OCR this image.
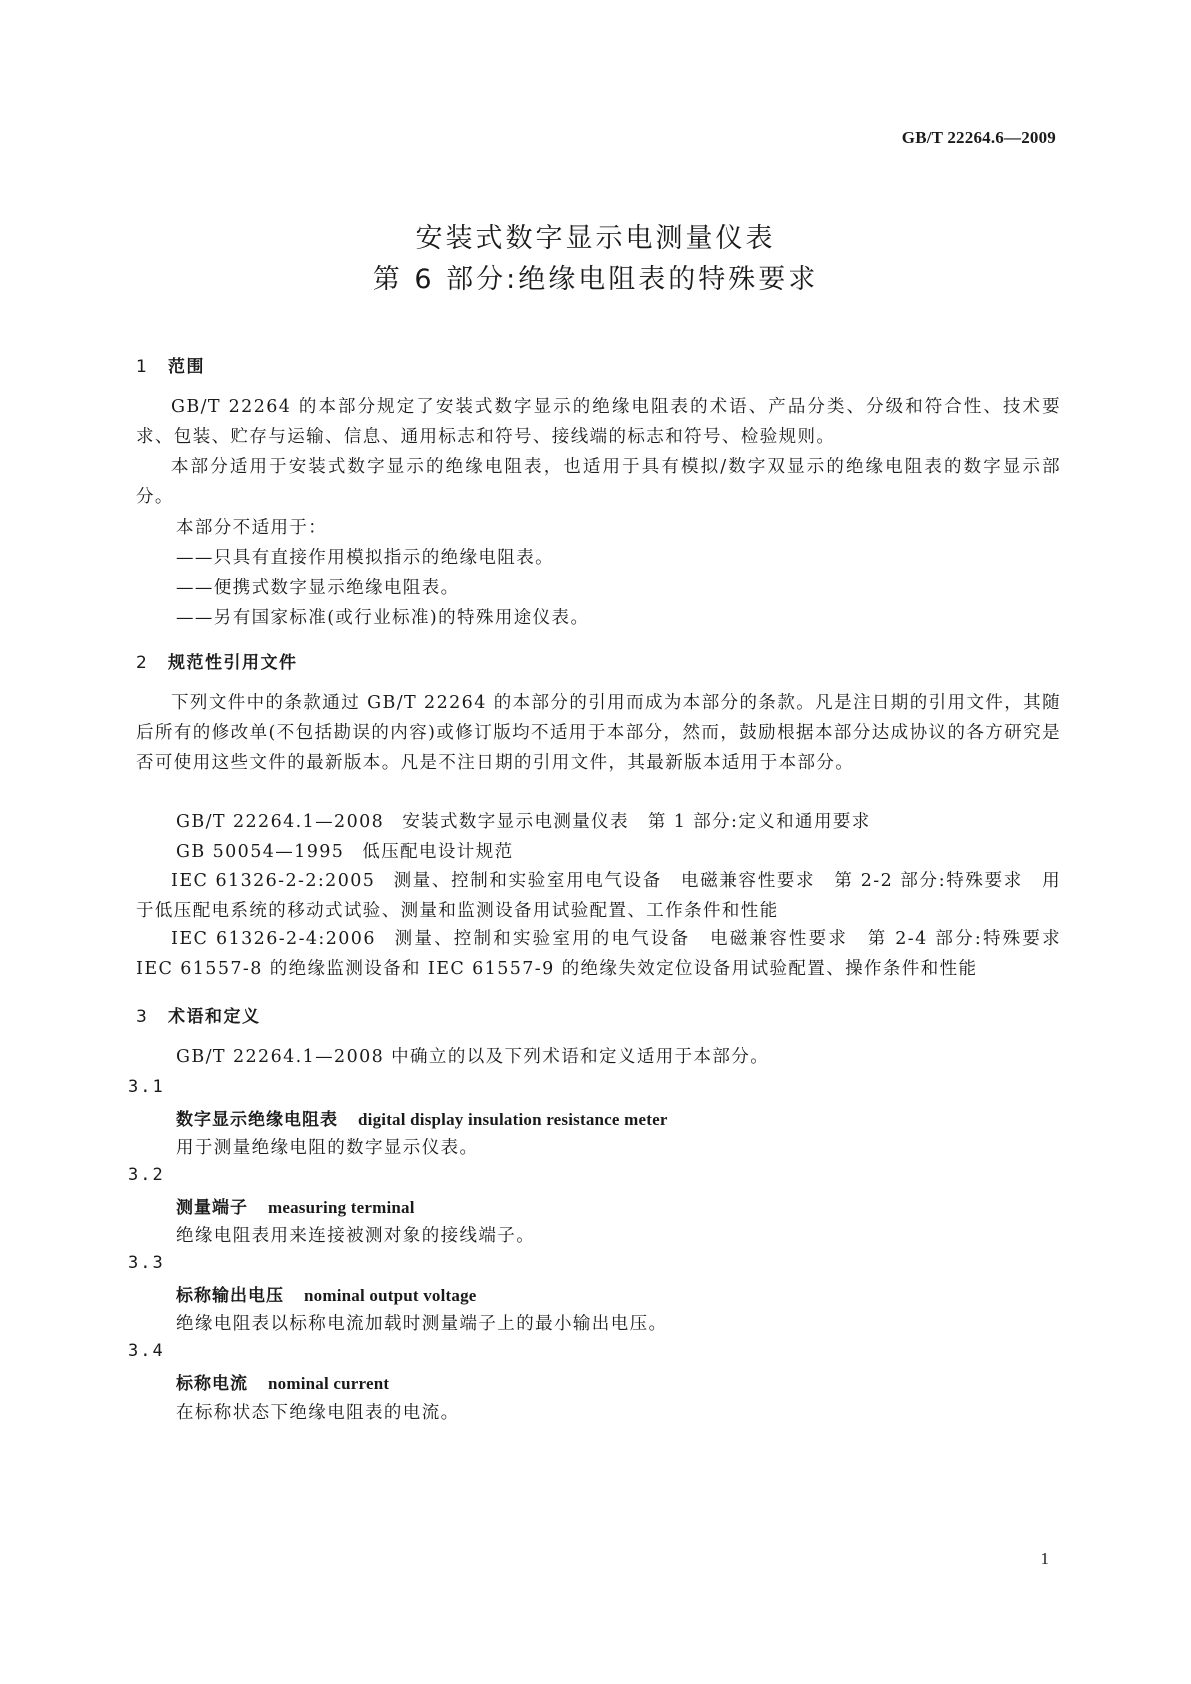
GB/T 22264.6—2009
安装式数字显示电测量仪表
第 6 部分:绝缘电阻表的特殊要求
1 范围
GB/T 22264 的本部分规定了安装式数字显示的绝缘电阻表的术语、产品分类、分级和符合性、技术要求、包装、贮存与运输、信息、通用标志和符号、接线端的标志和符号、检验规则。
本部分适用于安装式数字显示的绝缘电阻表，也适用于具有模拟/数字双显示的绝缘电阻表的数字显示部分。
本部分不适用于：
——只具有直接作用模拟指示的绝缘电阻表。
——便携式数字显示绝缘电阻表。
——另有国家标准(或行业标准)的特殊用途仪表。
2 规范性引用文件
下列文件中的条款通过 GB/T 22264 的本部分的引用而成为本部分的条款。凡是注日期的引用文件，其随后所有的修改单(不包括勘误的内容)或修订版均不适用于本部分，然而，鼓励根据本部分达成协议的各方研究是否可使用这些文件的最新版本。凡是不注日期的引用文件，其最新版本适用于本部分。
GB/T 22264.1—2008 安装式数字显示电测量仪表　第 1 部分:定义和通用要求
GB 50054—1995 低压配电设计规范
IEC 61326-2-2:2005 测量、控制和实验室用电气设备　电磁兼容性要求　第 2-2 部分:特殊要求　用于低压配电系统的移动式试验、测量和监测设备用试验配置、工作条件和性能
IEC 61326-2-4:2006 测量、控制和实验室用的电气设备　电磁兼容性要求　第 2-4 部分:特殊要求 IEC 61557-8 的绝缘监测设备和 IEC 61557-9 的绝缘失效定位设备用试验配置、操作条件和性能
3 术语和定义
GB/T 22264.1—2008 中确立的以及下列术语和定义适用于本部分。
3.1
数字显示绝缘电阻表 digital display insulation resistance meter
用于测量绝缘电阻的数字显示仪表。
3.2
测量端子 measuring terminal
绝缘电阻表用来连接被测对象的接线端子。
3.3
标称输出电压 nominal output voltage
绝缘电阻表以标称电流加载时测量端子上的最小输出电压。
3.4
标称电流 nominal current
在标称状态下绝缘电阻表的电流。
1
